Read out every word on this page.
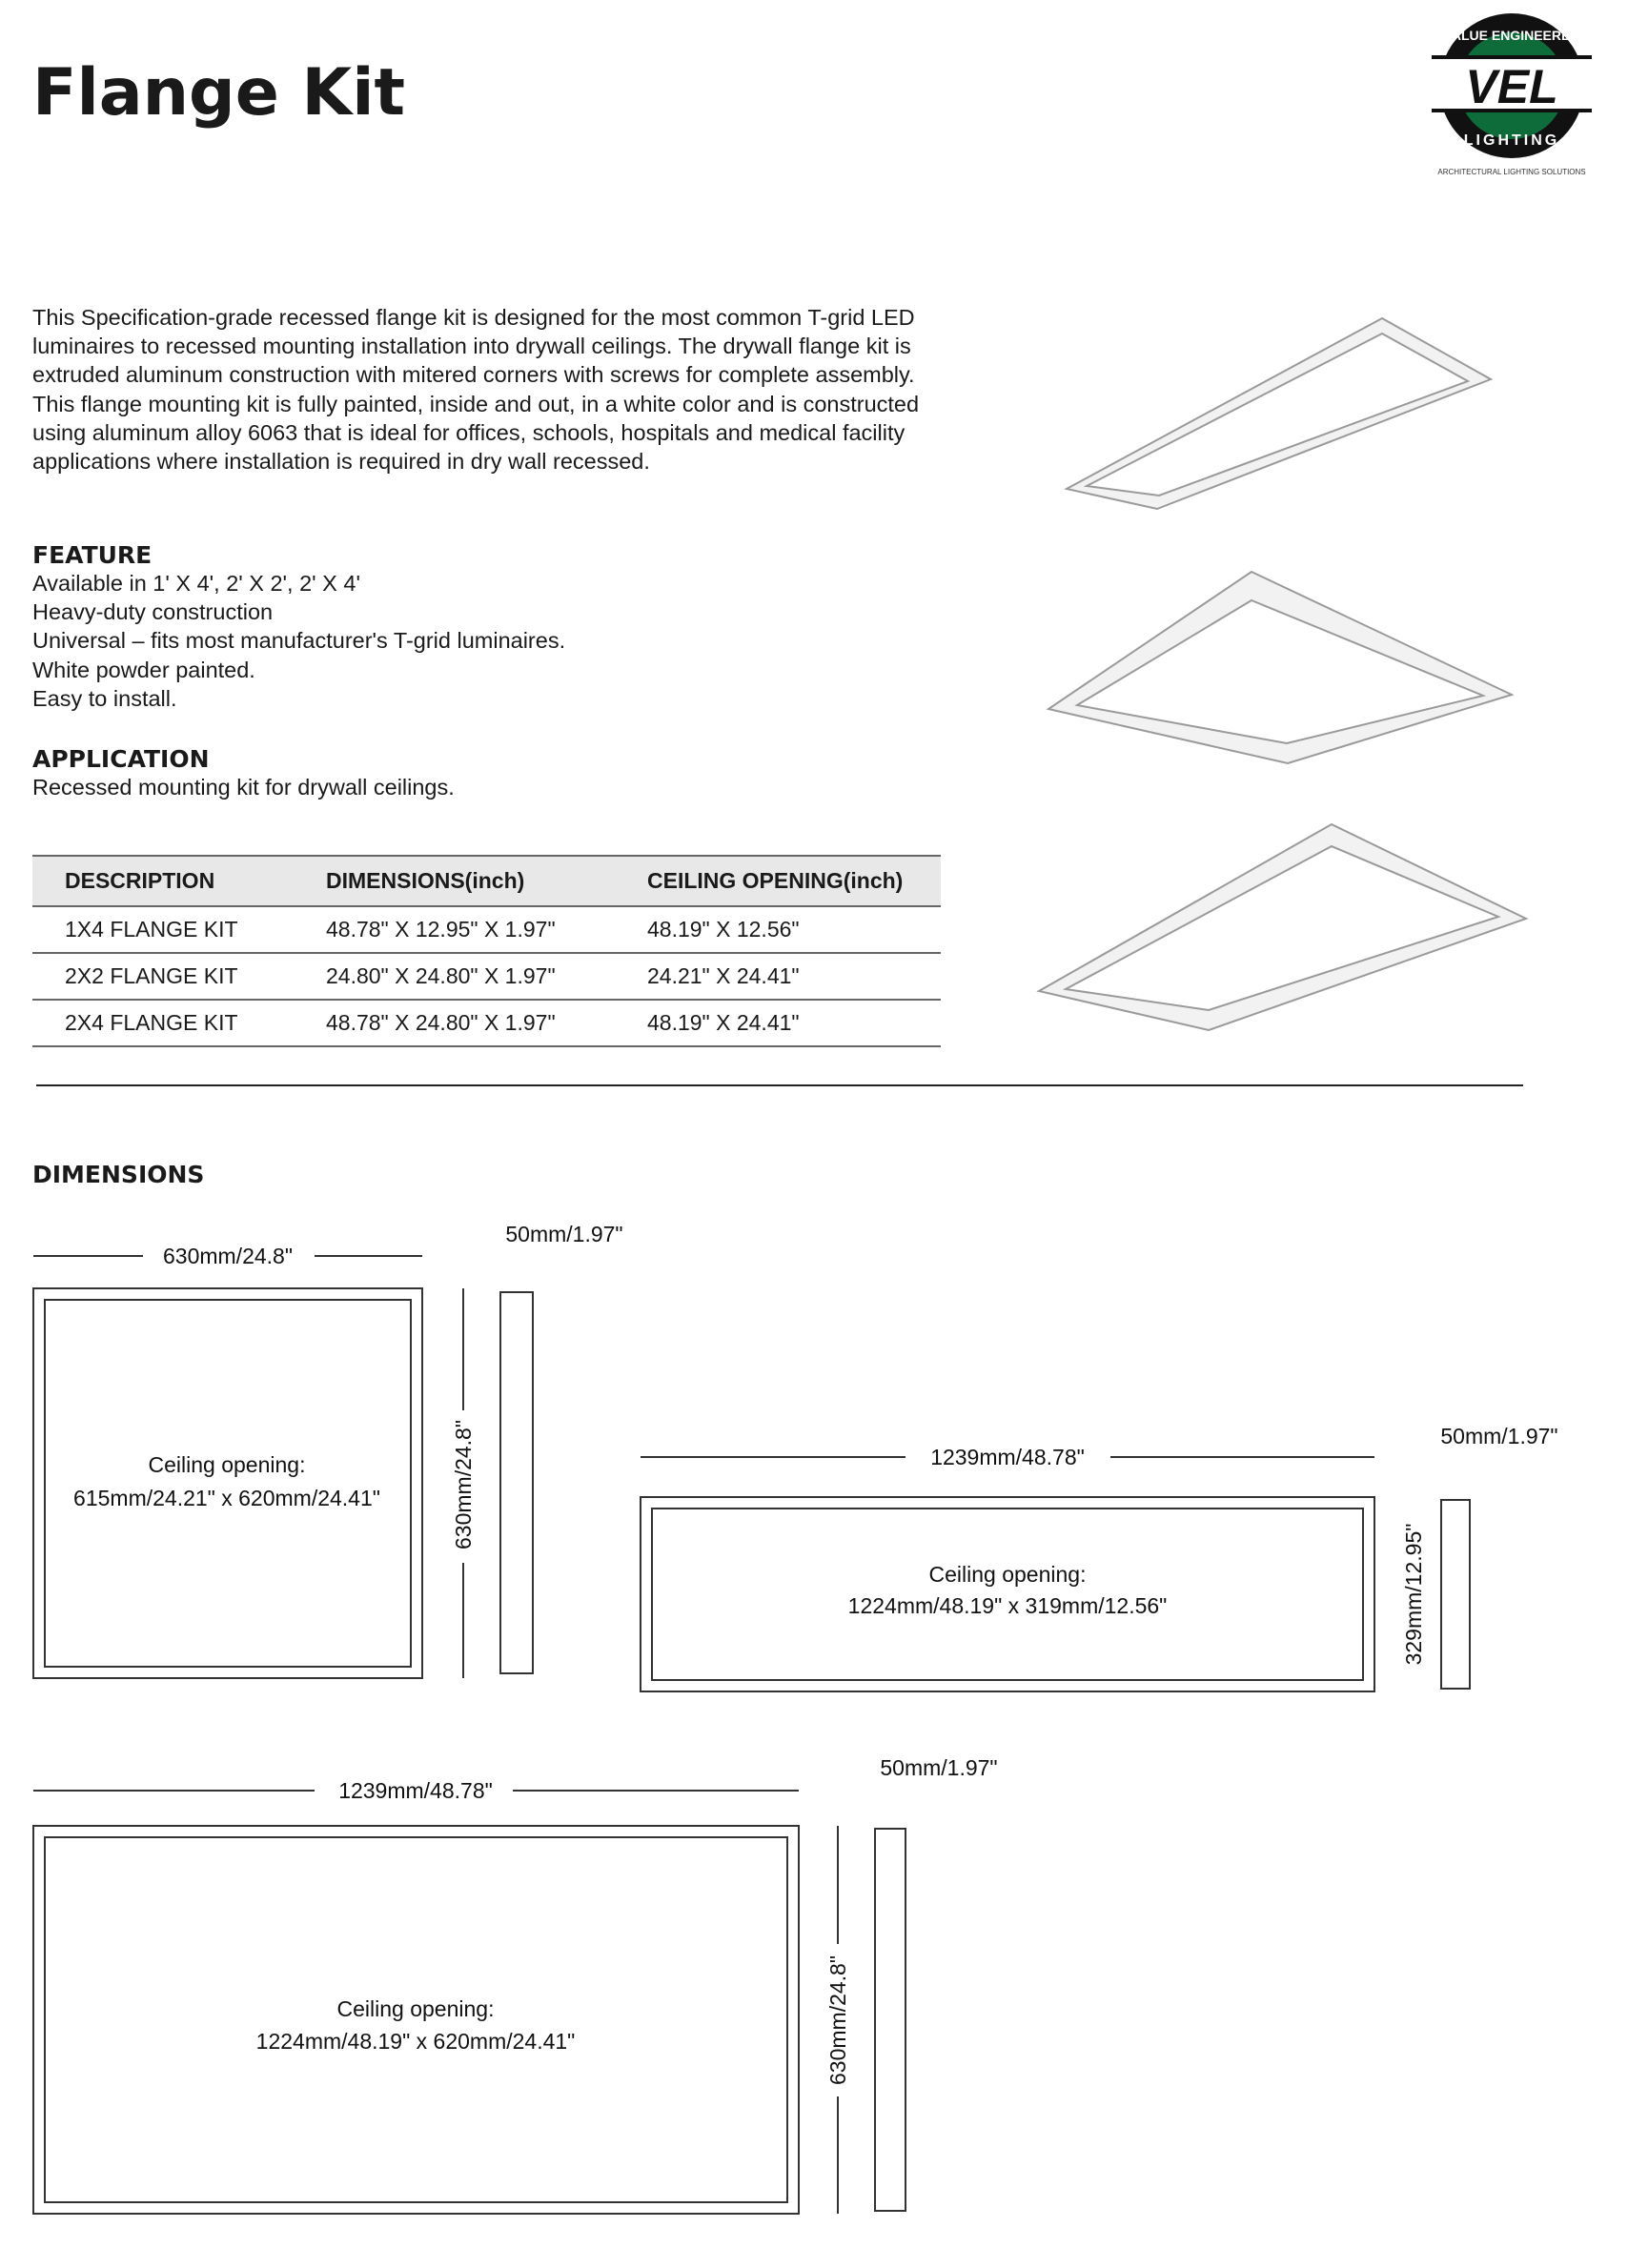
Flange Kit
VALUE ENGINEERED
VEL
LIGHTING
ARCHITECTURAL LIGHTING SOLUTIONS
This Specification-grade recessed flange kit is designed for the most common T-grid LED luminaires to recessed mounting installation into drywall ceilings. The drywall flange kit is extruded aluminum construction with mitered corners with screws for complete assembly. This flange mounting kit is fully painted, inside and out, in a white color and is constructed using aluminum alloy 6063 that is ideal for offices, schools, hospitals and medical facility applications where installation is required in dry wall recessed.
FEATURE
Available in 1' X 4', 2' X 2', 2' X 4'
Heavy-duty construction
Universal – fits most manufacturer's T-grid luminaires.
White powder painted.
Easy to install.
APPLICATION
Recessed mounting kit for drywall ceilings.
DESCRIPTION	DIMENSIONS(inch)	CEILING OPENING(inch)
1X4 FLANGE KIT	48.78" X 12.95" X 1.97"	48.19" X 12.56"
2X2 FLANGE KIT	24.80" X 24.80" X 1.97"	24.21" X 24.41"
2X4 FLANGE KIT	48.78" X 24.80" X 1.97"	48.19" X 24.41"
DIMENSIONS
630mm/24.8"
Ceiling opening:
615mm/24.21" x 620mm/24.41"	630mm/24.8"
50mm/1.97"
1239mm/48.78"
Ceiling opening:
1224mm/48.19" x 319mm/12.56"	329mm/12.95"
50mm/1.97"
1239mm/48.78"
Ceiling opening:
1224mm/48.19" x 620mm/24.41"	630mm/24.8"
50mm/1.97"
